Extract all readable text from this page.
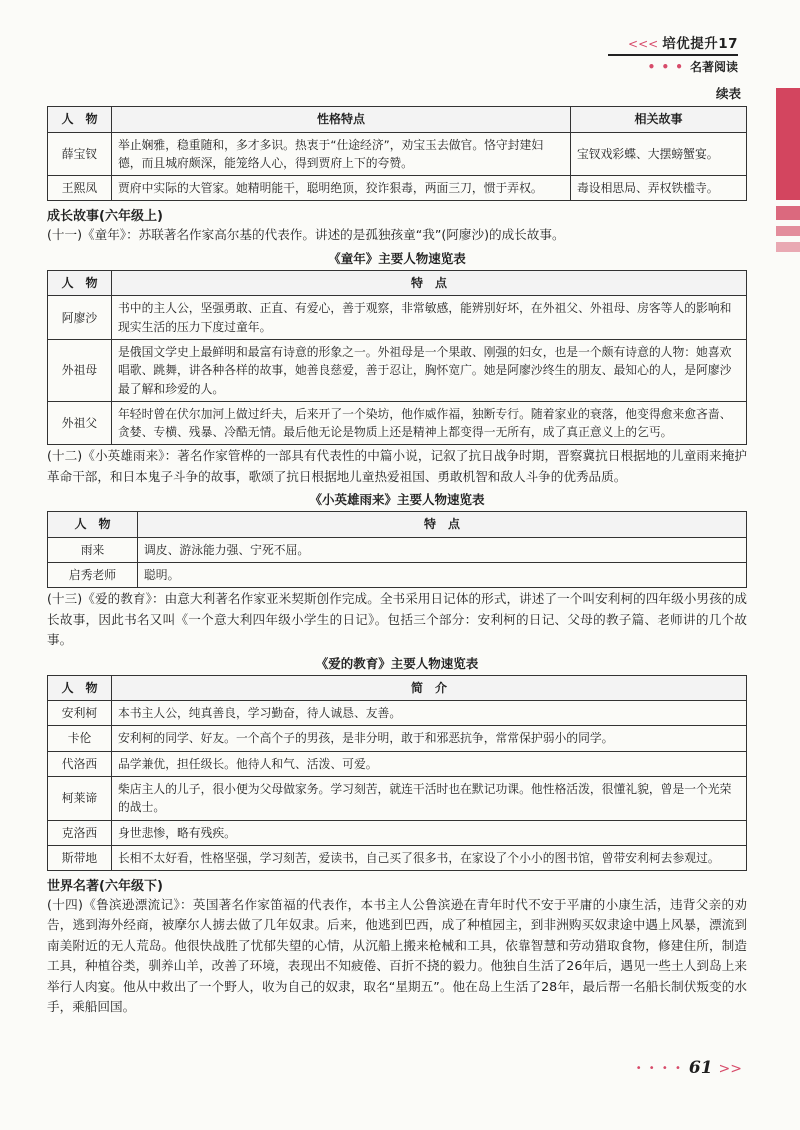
<<< 培优提升17
• • • 名著阅读
续表
人　物	性格特点	相关故事
薛宝钗	举止娴雅，稳重随和，多才多识。热衷于“仕途经济”，劝宝玉去做官。恪守封建妇德，而且城府颇深，能笼络人心，得到贾府上下的夸赞。	宝钗戏彩蝶、大摆螃蟹宴。
王熙凤	贾府中实际的大管家。她精明能干，聪明绝顶，狡诈狠毒，两面三刀，惯于弄权。	毒设相思局、弄权铁槛寺。
成长故事(六年级上)
(十一)《童年》：苏联著名作家高尔基的代表作。讲述的是孤独孩童“我”(阿廖沙)的成长故事。
《童年》主要人物速览表
人　物	特　点
阿廖沙	书中的主人公，坚强勇敢、正直、有爱心，善于观察，非常敏感，能辨别好坏，在外祖父、外祖母、房客等人的影响和现实生活的压力下度过童年。
外祖母	是俄国文学史上最鲜明和最富有诗意的形象之一。外祖母是一个果敢、刚强的妇女，也是一个颇有诗意的人物：她喜欢唱歌、跳舞，讲各种各样的故事，她善良慈爱，善于忍让，胸怀宽广。她是阿廖沙终生的朋友、最知心的人，是阿廖沙最了解和珍爱的人。
外祖父	年轻时曾在伏尔加河上做过纤夫，后来开了一个染坊，他作威作福，独断专行。随着家业的衰落，他变得愈来愈吝啬、贪婪、专横、残暴、冷酷无情。最后他无论是物质上还是精神上都变得一无所有，成了真正意义上的乞丐。
(十二)《小英雄雨来》：著名作家管桦的一部具有代表性的中篇小说，记叙了抗日战争时期，晋察冀抗日根据地的儿童雨来掩护革命干部，和日本鬼子斗争的故事，歌颂了抗日根据地儿童热爱祖国、勇敢机智和敌人斗争的优秀品质。
《小英雄雨来》主要人物速览表
人　物	特　点
雨来	调皮、游泳能力强、宁死不屈。
启秀老师	聪明。
(十三)《爱的教育》：由意大利著名作家亚米契斯创作完成。全书采用日记体的形式，讲述了一个叫安利柯的四年级小男孩的成长故事，因此书名又叫《一个意大利四年级小学生的日记》。包括三个部分：安利柯的日记、父母的教子篇、老师讲的几个故事。
《爱的教育》主要人物速览表
人　物	简　介
安利柯	本书主人公，纯真善良，学习勤奋，待人诚恳、友善。
卡伦	安利柯的同学、好友。一个高个子的男孩，是非分明，敢于和邪恶抗争，常常保护弱小的同学。
代洛西	品学兼优，担任级长。他待人和气、活泼、可爱。
柯莱谛	柴店主人的儿子，很小便为父母做家务。学习刻苦，就连干活时也在默记功课。他性格活泼，很懂礼貌，曾是一个光荣的战士。
克洛西	身世悲惨，略有残疾。
斯带地	长相不太好看，性格坚强，学习刻苦，爱读书，自己买了很多书，在家设了个小小的图书馆，曾带安利柯去参观过。
世界名著(六年级下)
(十四)《鲁滨逊漂流记》：英国著名作家笛福的代表作，本书主人公鲁滨逊在青年时代不安于平庸的小康生活，违背父亲的劝告，逃到海外经商，被摩尔人掳去做了几年奴隶。后来，他逃到巴西，成了种植园主，到非洲购买奴隶途中遇上风暴，漂流到南美附近的无人荒岛。他很快战胜了忧郁失望的心情，从沉船上搬来枪械和工具，依靠智慧和劳动猎取食物，修建住所，制造工具，种植谷类，驯养山羊，改善了环境，表现出不知疲倦、百折不挠的毅力。他独自生活了26年后，遇见一些土人到岛上来举行人肉宴。他从中救出了一个野人，收为自己的奴隶，取名“星期五”。他在岛上生活了28年，最后帮一名船长制伏叛变的水手，乘船回国。
• • • • 61 >>
